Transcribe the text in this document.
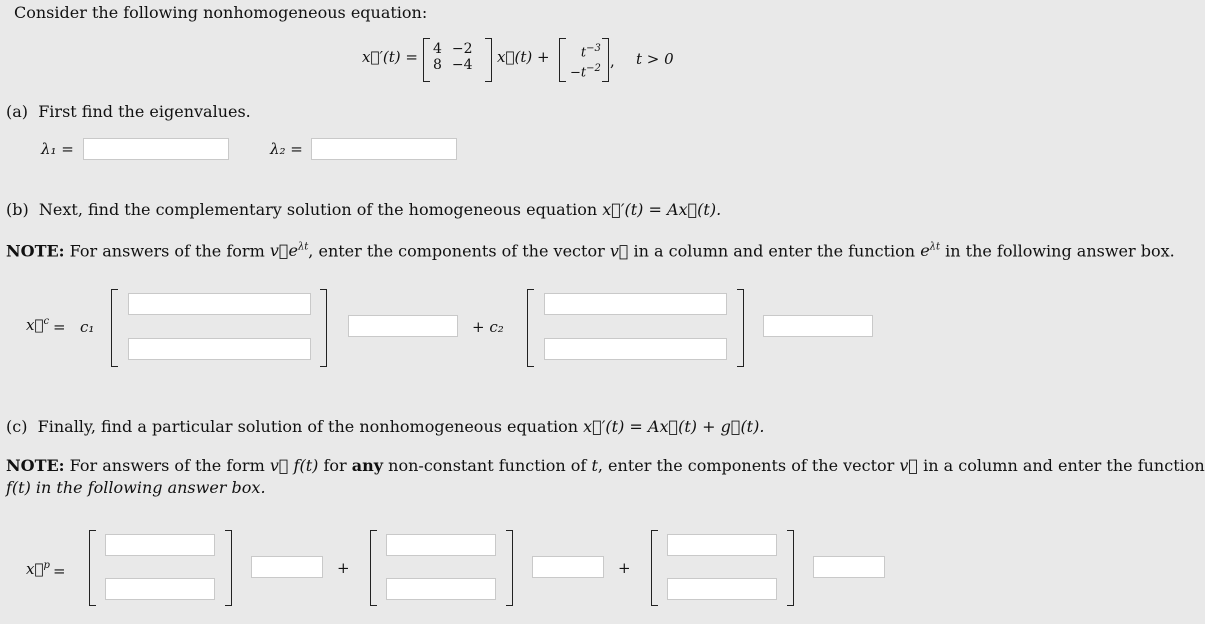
Consider the following nonhomogeneous equation:
x⃗′(t) = 4 −2
8 −4 x⃗(t) +	$t^{-3}$
$-t^{-2}$ , t > 0
(a) First find the eigenvalues.
λ₁ =	λ₂ =
(b) Next, find the complementary solution of the homogeneous equation x⃗′(t) = Ax⃗(t).
NOTE: For answers of the form $v⃗e^{\lambda t}$, enter the components of the vector v⃗ in a column and enter the function $e^{\lambda t}$ in the following answer box.
x⃗$^c$ = c₁	+ c₂
(c) Finally, find a particular solution of the nonhomogeneous equation x⃗′(t) = Ax⃗(t) + g⃗(t).
NOTE: For answers of the form v⃗ f(t) for any non-constant function of t, enter the components of the vector v⃗ in a column and enter the function
f(t) in the following answer box.
x⃗$^p$ =	+	+
